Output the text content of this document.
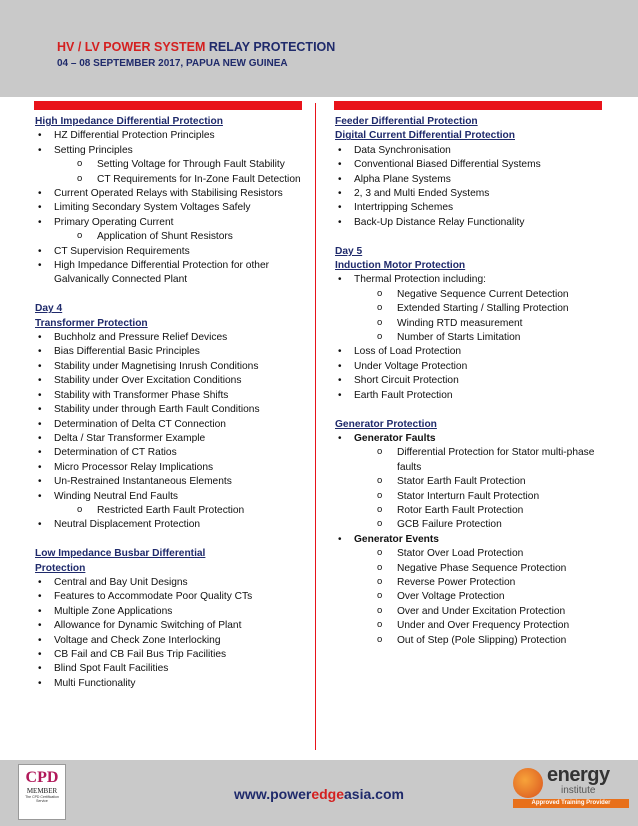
HV / LV POWER SYSTEM RELAY PROTECTION
04 – 08 SEPTEMBER 2017, PAPUA NEW GUINEA
High Impedance Differential Protection
• HZ Differential Protection Principles
• Setting Principles
o Setting Voltage for Through Fault Stability
o CT Requirements for In-Zone Fault Detection
• Current Operated Relays with Stabilising Resistors
• Limiting Secondary System Voltages Safely
• Primary Operating Current
o Application of Shunt Resistors
• CT Supervision Requirements
• High Impedance Differential Protection for other Galvanically Connected Plant
Day 4
Transformer Protection
• Buchholz and Pressure Relief Devices
• Bias Differential Basic Principles
• Stability under Magnetising Inrush Conditions
• Stability under Over Excitation Conditions
• Stability with Transformer Phase Shifts
• Stability under through Earth Fault Conditions
• Determination of Delta CT Connection
• Delta / Star Transformer Example
• Determination of CT Ratios
• Micro Processor Relay Implications
• Un-Restrained Instantaneous Elements
• Winding Neutral End Faults
o Restricted Earth Fault Protection
• Neutral Displacement Protection
Low Impedance Busbar Differential
Protection
• Central and Bay Unit Designs
• Features to Accommodate Poor Quality CTs
• Multiple Zone Applications
• Allowance for Dynamic Switching of Plant
• Voltage and Check Zone Interlocking
• CB Fail and CB Fail Bus Trip Facilities
• Blind Spot Fault Facilities
• Multi Functionality
Feeder Differential Protection
Digital Current Differential Protection
• Data Synchronisation
• Conventional Biased Differential Systems
• Alpha Plane Systems
• 2, 3 and Multi Ended Systems
• Intertripping Schemes
• Back-Up Distance Relay Functionality
Day 5
Induction Motor Protection
• Thermal Protection including:
o Negative Sequence Current Detection
o Extended Starting / Stalling Protection
o Winding RTD measurement
o Number of Starts Limitation
• Loss of Load Protection
• Under Voltage Protection
• Short Circuit Protection
• Earth Fault Protection
Generator Protection
• Generator Faults
o Differential Protection for Stator multi-phase faults
o Stator Earth Fault Protection
o Stator Interturn Fault Protection
o Rotor Earth Fault Protection
o GCB Failure Protection
• Generator Events
o Stator Over Load Protection
o Negative Phase Sequence Protection
o Reverse Power Protection
o Over Voltage Protection
o Over and Under Excitation Protection
o Under and Over Frequency Protection
o Out of Step (Pole Slipping) Protection
CPD
MEMBER
The CPD Certification Service	www.poweredgeasia.com
energy
institute
Approved Training Provider
